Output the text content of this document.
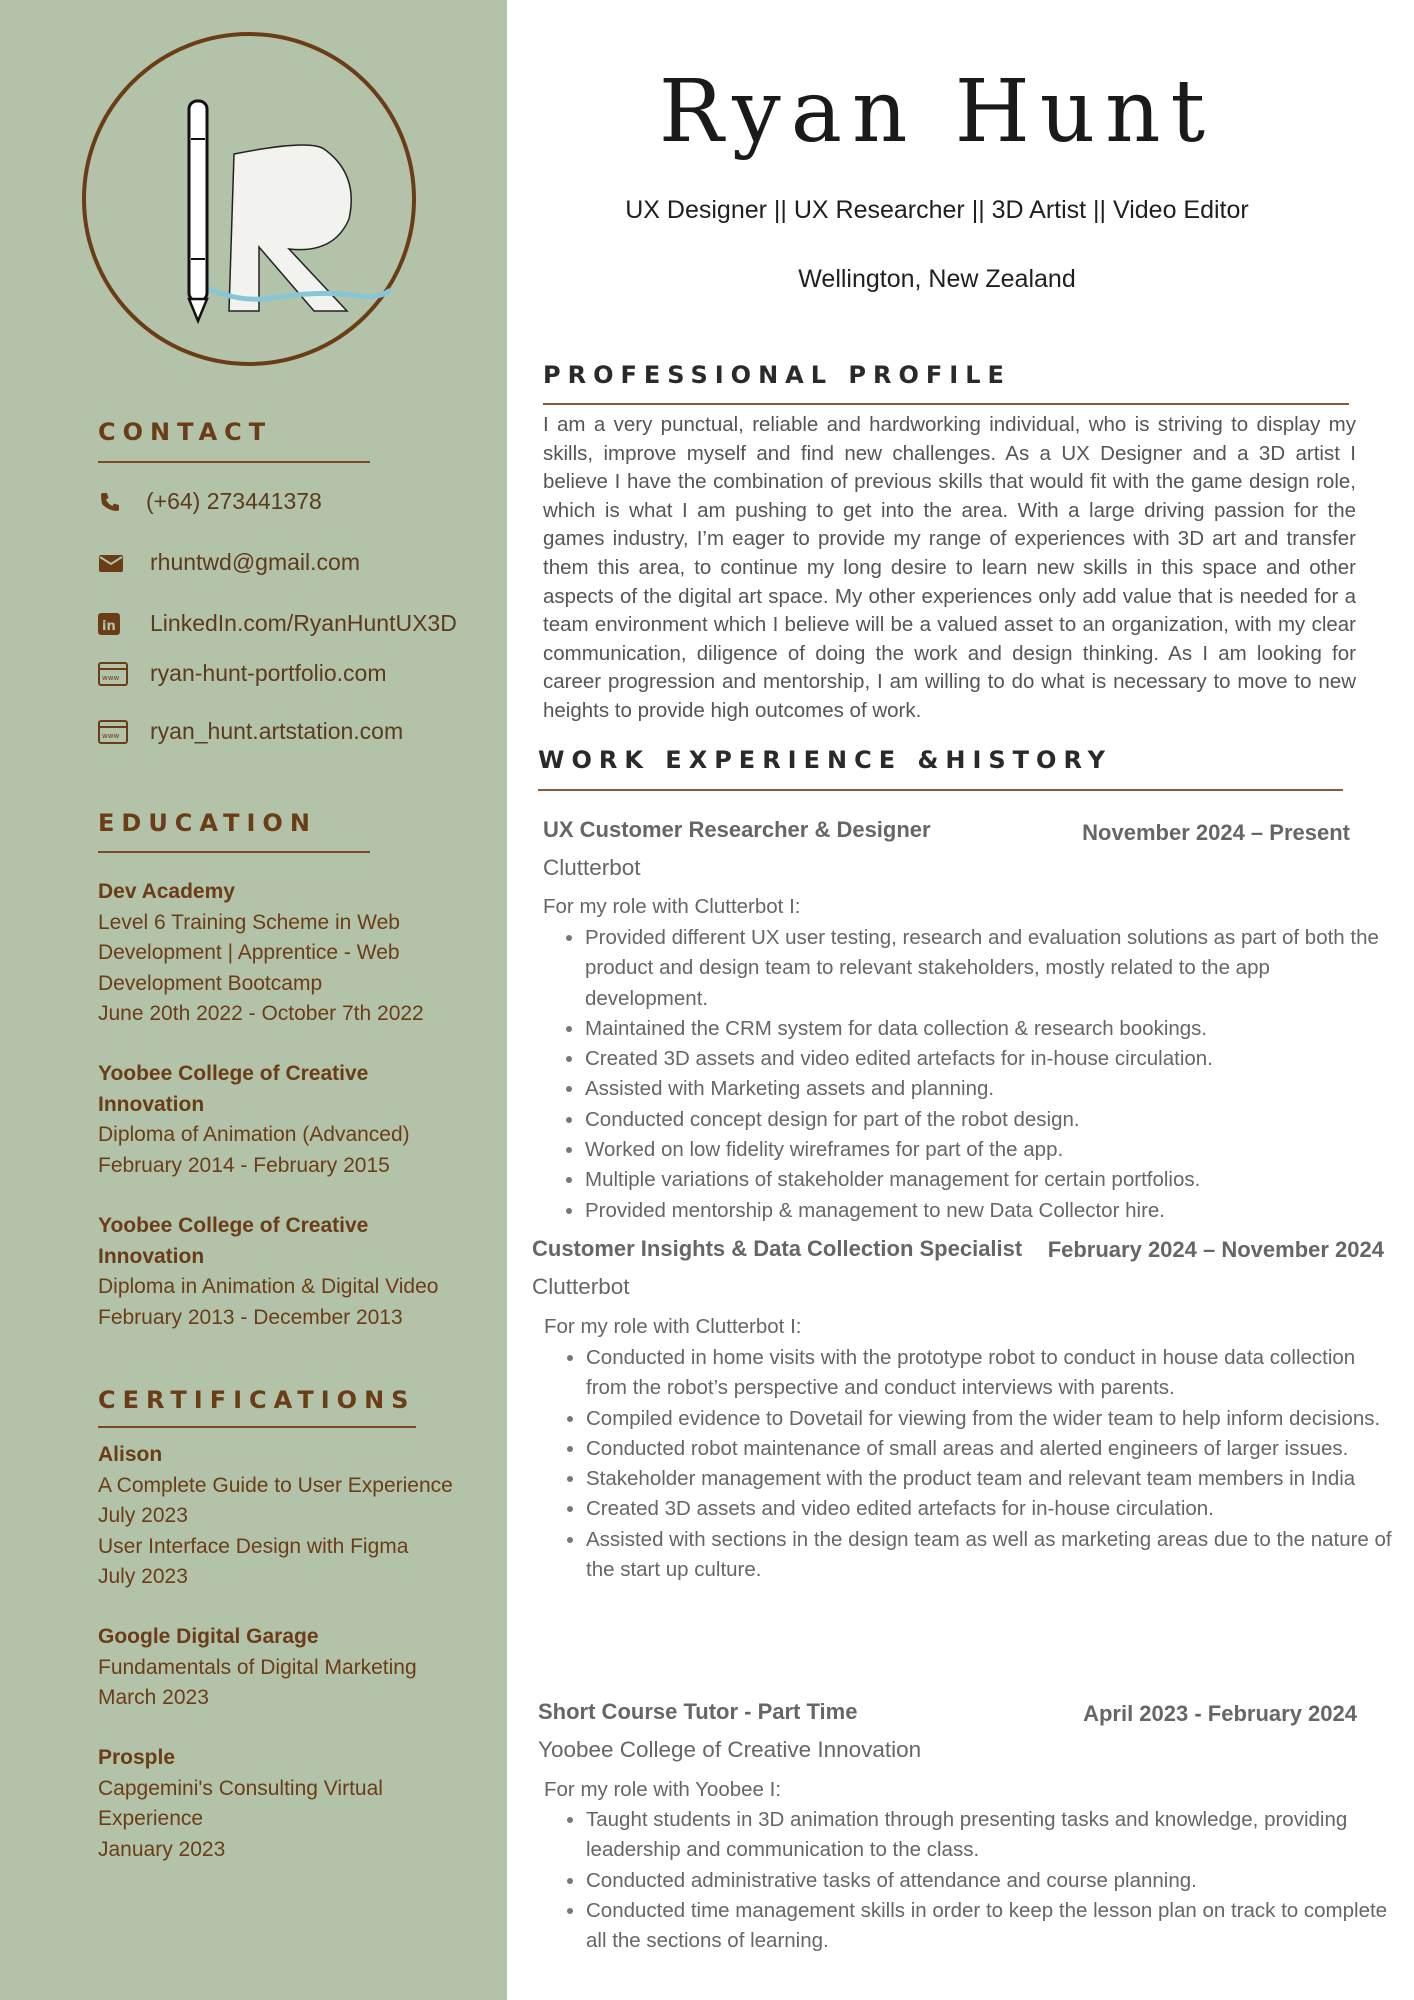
CONTACT
(+64) 273441378
rhuntwd@gmail.com
in LinkedIn.com/RyanHuntUX3D
www ryan-hunt-portfolio.com
www ryan_hunt.artstation.com
EDUCATION
Dev Academy
Level 6 Training Scheme in Web
Development | Apprentice - Web
Development Bootcamp
June 20th 2022 - October 7th 2022
Yoobee College of Creative
Innovation
Diploma of Animation (Advanced)
February 2014 - February 2015
Yoobee College of Creative
Innovation
Diploma in Animation & Digital Video
February 2013 - December 2013
CERTIFICATIONS
Alison
A Complete Guide to User Experience
July 2023
User Interface Design with Figma
July 2023
Google Digital Garage
Fundamentals of Digital Marketing
March 2023
Prosple
Capgemini's Consulting Virtual
Experience
January 2023
Ryan Hunt
UX Designer || UX Researcher || 3D Artist || Video Editor
Wellington, New Zealand
PROFESSIONAL PROFILE

I am a very punctual, reliable and hardworking individual, who is striving to display my skills, improve myself and find new challenges. As a UX Designer and a 3D artist I believe I have the combination of previous skills that would fit with the game design role, which is what I am pushing to get into the area. With a large driving passion for the games industry, I’m eager to provide my range of experiences with 3D art and transfer them this area, to continue my long desire to learn new skills in this space and other aspects of the digital art space. My other experiences only add value that is needed for a team environment which I believe will be a valued asset to an organization, with my clear communication, diligence of doing the work and design thinking. As I am looking for career progression and mentorship, I am willing to do what is necessary to move to new heights to provide high outcomes of work.

WORK EXPERIENCE &HISTORY
UX Customer Researcher & Designer	November 2024 – Present
Clutterbot
For my role with Clutterbot I:
• Provided different UX user testing, research and evaluation solutions as part of both the product and design team to relevant stakeholders, mostly related to the app development.
• Maintained the CRM system for data collection & research bookings.
• Created 3D assets and video edited artefacts for in-house circulation.
• Assisted with Marketing assets and planning.
• Conducted concept design for part of the robot design.
• Worked on low fidelity wireframes for part of the app.
• Multiple variations of stakeholder management for certain portfolios.
• Provided mentorship & management to new Data Collector hire.
Customer Insights & Data Collection Specialist February 2024 – November 2024
Clutterbot
For my role with Clutterbot I:
• Conducted in home visits with the prototype robot to conduct in house data collection from the robot’s perspective and conduct interviews with parents.
• Compiled evidence to Dovetail for viewing from the wider team to help inform decisions.
• Conducted robot maintenance of small areas and alerted engineers of larger issues.
• Stakeholder management with the product team and relevant team members in India
• Created 3D assets and video edited artefacts for in-house circulation.
• Assisted with sections in the design team as well as marketing areas due to the nature of the start up culture.
Short Course Tutor - Part Time	April 2023 - February 2024
Yoobee College of Creative Innovation
For my role with Yoobee I:
• Taught students in 3D animation through presenting tasks and knowledge, providing leadership and communication to the class.
• Conducted administrative tasks of attendance and course planning.
• Conducted time management skills in order to keep the lesson plan on track to complete all the sections of learning.
